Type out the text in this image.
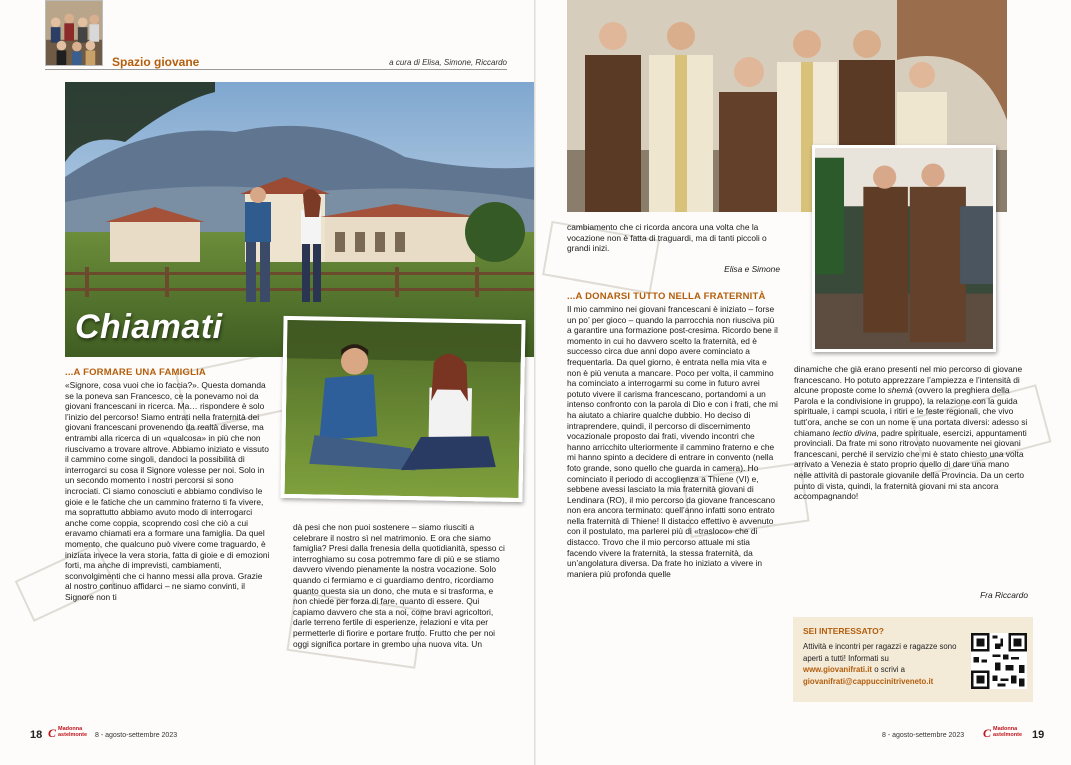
Spazio giovane	a cura di Elisa, Simone, Riccardo
Chiamati
...A FORMARE UNA FAMIGLIA
«Signore, cosa vuoi che io faccia?». Questa domanda se la poneva san Francesco, ce la ponevamo noi da giovani francescani in ricerca. Ma… rispondere è solo l’inizio del percorso! Siamo entrati nella fraternità dei giovani francescani provenendo da realtà diverse, ma entrambi alla ricerca di un «qualcosa» in più che non riuscivamo a trovare altrove. Abbiamo iniziato e vissuto il cammino come singoli, dandoci la possibilità di interrogarci su cosa il Signore volesse per noi. Solo in un secondo momento i nostri percorsi si sono incrociati. Ci siamo conosciuti e abbiamo condiviso le gioie e le fatiche che un cammino fraterno ti fa vivere, ma soprattutto abbiamo avuto modo di interrogarci anche come coppia, scoprendo così che ciò a cui eravamo chiamati era a formare una famiglia. Da quel momento, che qualcuno può vivere come traguardo, è iniziata invece la vera storia, fatta di gioie e di emozioni forti, ma anche di imprevisti, cambiamenti, sconvolgimenti che ci hanno messi alla prova. Grazie al nostro continuo affidarci – ne siamo convinti, il Signore non ti
dà pesi che non puoi sostenere – siamo riusciti a celebrare il nostro sì nel matrimonio. E ora che siamo famiglia? Presi dalla frenesia della quotidianità, spesso ci interroghiamo su cosa potremmo fare di più e se stiamo davvero vivendo pienamente la nostra vocazione. Solo quando ci fermiamo e ci guardiamo dentro, ricordiamo quanto questa sia un dono, che muta e si trasforma, e non chiede per forza di fare, quanto di essere. Qui capiamo davvero che sta a noi, come bravi agricoltori, darle terreno fertile di esperienze, relazioni e vita per permetterle di fiorire e portare frutto. Frutto che per noi oggi significa portare in grembo una nuova vita. Un
18 C Madonna
astelmonte 8 - agosto-settembre 2023
cambiamento che ci ricorda ancora una volta che la vocazione non è fatta di traguardi, ma di tanti piccoli o grandi inizi.
Elisa e Simone
...A DONARSI TUTTO NELLA FRATERNITÀ
Il mio cammino nei giovani francescani è iniziato – forse un po’ per gioco – quando la parrocchia non riusciva più a garantire una formazione post-cresima. Ricordo bene il momento in cui ho davvero scelto la fraternità, ed è successo circa due anni dopo avere cominciato a frequentarla. Da quel giorno, è entrata nella mia vita e non è più venuta a mancare. Poco per volta, il cammino ha cominciato a interrogarmi su come in futuro avrei potuto vivere il carisma francescano, portandomi a un intenso confronto con la parola di Dio e con i frati, che mi ha aiutato a chiarire qualche dubbio. Ho deciso di intraprendere, quindi, il percorso di discernimento vocazionale proposto dai frati, vivendo incontri che hanno arricchito ulteriormente il cammino fraterno e che mi hanno spinto a decidere di entrare in convento (nella foto grande, sono quello che guarda in camera). Ho cominciato il periodo di accoglienza a Thiene (VI) e, sebbene avessi lasciato la mia fraternità giovani di Lendinara (RO), il mio percorso da giovane francescano non era ancora terminato: quell’anno infatti sono entrato nella fraternità di Thiene! Il distacco effettivo è avvenuto con il postulato, ma parlerei più di «trasloco» che di distacco. Trovo che il mio percorso attuale mi stia facendo vivere la fraternità, la stessa fraternità, da un’angolatura diversa. Da frate ho iniziato a vivere in maniera più profonda quelle
dinamiche che già erano presenti nel mio percorso di giovane francescano. Ho potuto apprezzare l’ampiezza e l’intensità di alcune proposte come lo shemà (ovvero la preghiera della Parola e la condivisione in gruppo), la relazione con la guida spirituale, i campi scuola, i ritiri e le feste regionali, che vivo tutt’ora, anche se con un nome e una portata diversi: adesso si chiamano lectio divina, padre spirituale, esercizi, appuntamenti provinciali. Da frate mi sono ritrovato nuovamente nei giovani francescani, perché il servizio che mi è stato chiesto una volta arrivato a Venezia è stato proprio quello di dare una mano nelle attività di pastorale giovanile della Provincia. Da un certo punto di vista, quindi, la fraternità giovani mi sta ancora accompagnando!
Fra Riccardo
SEI INTERESSATO?
Attività e incontri per ragazzi e ragazze sono aperti a tutti! Informati su
www.giovanifrati.it o scrivi a
giovanifrati@cappuccinitriveneto.it
8 - agosto-settembre 2023 C Madonna
astelmonte 19
